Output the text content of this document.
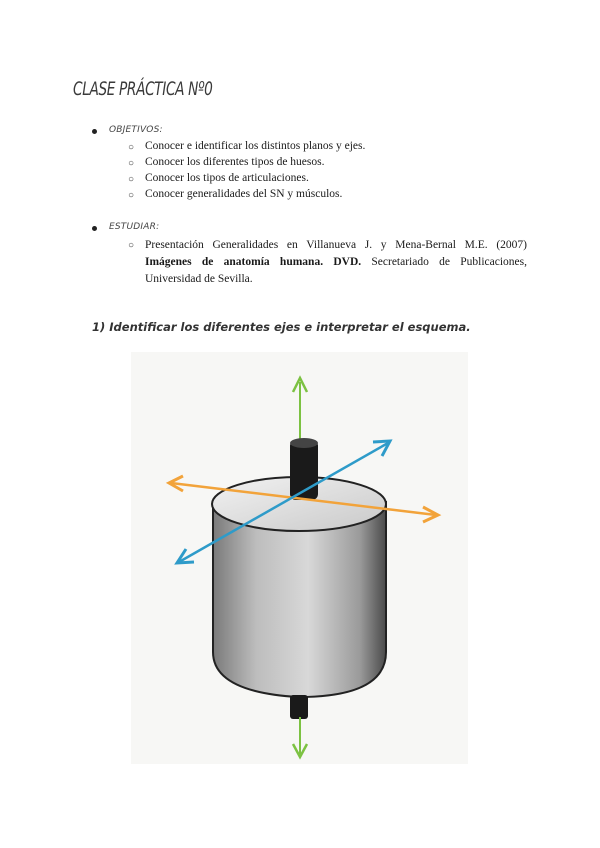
CLASE PRÁCTICA Nº0
OBJETIVOS:
○ Conocer e identificar los distintos planos y ejes.
○ Conocer los diferentes tipos de huesos.
○ Conocer los tipos de articulaciones.
○ Conocer generalidades del SN y músculos.
ESTUDIAR:
○ Presentación Generalidades en Villanueva J. y Mena-Bernal M.E. (2007) Imágenes de anatomía humana. DVD. Secretariado de Publicaciones, Universidad de Sevilla.
1) Identificar los diferentes ejes e interpretar el esquema.
